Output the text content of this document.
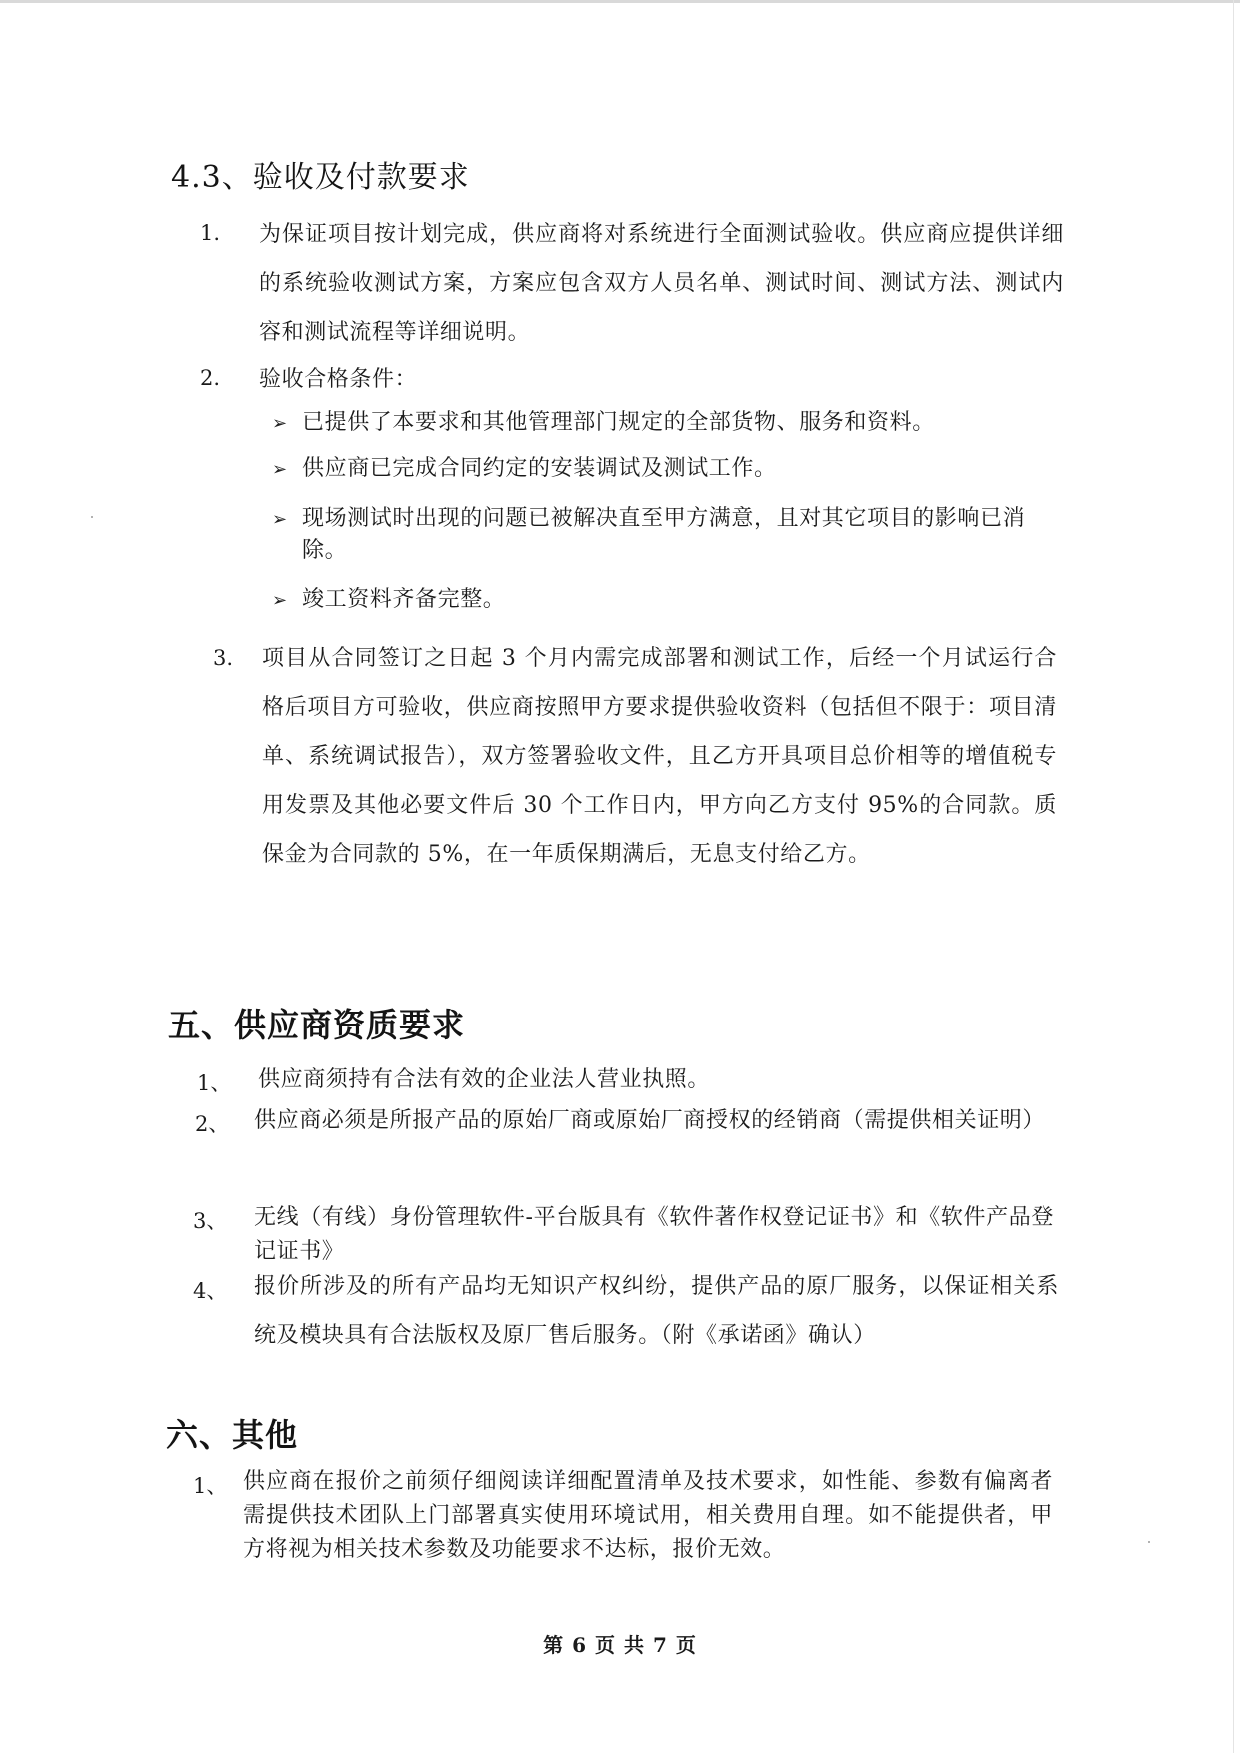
4.3、验收及付款要求
1. 为保证项目按计划完成，供应商将对系统进行全面测试验收。供应商应提供详细的系统验收测试方案，方案应包含双方人员名单、测试时间、测试方法、测试内容和测试流程等详细说明。
2. 验收合格条件：
➢ 已提供了本要求和其他管理部门规定的全部货物、服务和资料。
➢ 供应商已完成合同约定的安装调试及测试工作。
➢ 现场测试时出现的问题已被解决直至甲方满意，且对其它项目的影响已消除。
➢ 竣工资料齐备完整。
3. 项目从合同签订之日起 3 个月内需完成部署和测试工作，后经一个月试运行合格后项目方可验收，供应商按照甲方要求提供验收资料（包括但不限于：项目清单、系统调试报告），双方签署验收文件，且乙方开具项目总价相等的增值税专用发票及其他必要文件后 30 个工作日内，甲方向乙方支付 95%的合同款。质保金为合同款的 5%，在一年质保期满后，无息支付给乙方。
五、供应商资质要求
1、 供应商须持有合法有效的企业法人营业执照。
2、 供应商必须是所报产品的原始厂商或原始厂商授权的经销商（需提供相关证明）
3、 无线（有线）身份管理软件-平台版具有《软件著作权登记证书》和《软件产品登记证书》
4、 报价所涉及的所有产品均无知识产权纠纷，提供产品的原厂服务，以保证相关系统及模块具有合法版权及原厂售后服务。（附《承诺函》确认）
六、其他
1、 供应商在报价之前须仔细阅读详细配置清单及技术要求，如性能、参数有偏离者需提供技术团队上门部署真实使用环境试用，相关费用自理。如不能提供者，甲方将视为相关技术参数及功能要求不达标，报价无效。
第 6 页 共 7 页
